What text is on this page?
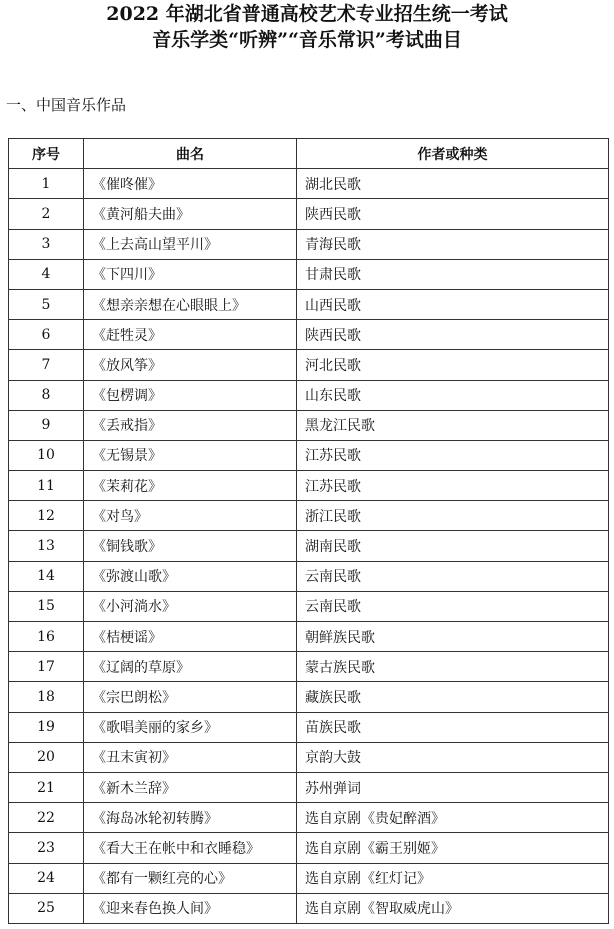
2022 年湖北省普通高校艺术专业招生统一考试
音乐学类“听辨”“音乐常识”考试曲目
一、中国音乐作品
序号	曲名	作者或种类
1	《催咚催》	湖北民歌
2	《黄河船夫曲》	陕西民歌
3	《上去高山望平川》	青海民歌
4	《下四川》	甘肃民歌
5	《想亲亲想在心眼眼上》	山西民歌
6	《赶牲灵》	陕西民歌
7	《放风筝》	河北民歌
8	《包楞调》	山东民歌
9	《丢戒指》	黑龙江民歌
10	《无锡景》	江苏民歌
11	《茉莉花》	江苏民歌
12	《对鸟》	浙江民歌
13	《铜钱歌》	湖南民歌
14	《弥渡山歌》	云南民歌
15	《小河淌水》	云南民歌
16	《桔梗谣》	朝鲜族民歌
17	《辽阔的草原》	蒙古族民歌
18	《宗巴朗松》	藏族民歌
19	《歌唱美丽的家乡》	苗族民歌
20	《丑末寅初》	京韵大鼓
21	《新木兰辞》	苏州弹词
22	《海岛冰轮初转腾》	选自京剧《贵妃醉酒》
23	《看大王在帐中和衣睡稳》	选自京剧《霸王别姬》
24	《都有一颗红亮的心》	选自京剧《红灯记》
25	《迎来春色换人间》	选自京剧《智取威虎山》
